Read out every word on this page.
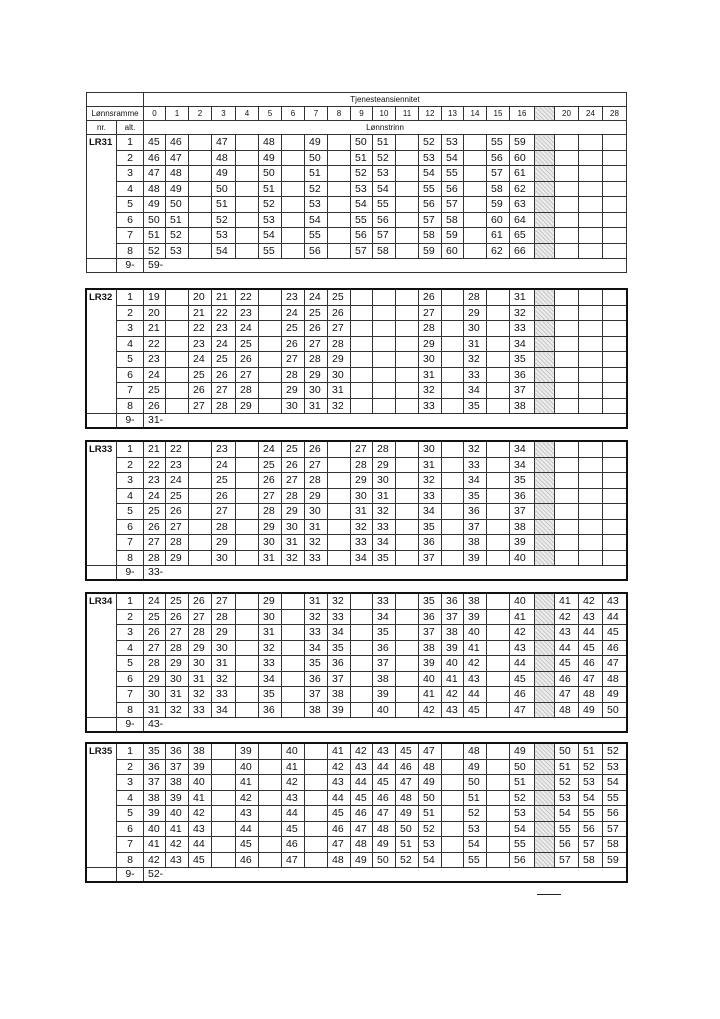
		Tjenesteansiennitet																				
Lønnsramme		0	1	2	3	4	5	6	7	8	9	10	11	12	13	14	15	16		20	24	28
nr.	alt.	Lønnstrinn																				
LR31	1	45	46		47		48		49		50	51		52	53		55	59				
	2	46	47		48		49		50		51	52		53	54		56	60				
	3	47	48		49		50		51		52	53		54	55		57	61				
	4	48	49		50		51		52		53	54		55	56		58	62				
	5	49	50		51		52		53		54	55		56	57		59	63				
	6	50	51		52		53		54		55	56		57	58		60	64				
	7	51	52		53		54		55		56	57		58	59		61	65				
	8	52	53		54		55		56		57	58		59	60		62	66				
	9-	59-																				
LR32	1	19		20	21	22		23	24	25				26		28		31				
	2	20		21	22	23		24	25	26				27		29		32				
	3	21		22	23	24		25	26	27				28		30		33				
	4	22		23	24	25		26	27	28				29		31		34				
	5	23		24	25	26		27	28	29				30		32		35				
	6	24		25	26	27		28	29	30				31		33		36				
	7	25		26	27	28		29	30	31				32		34		37				
	8	26		27	28	29		30	31	32				33		35		38				
	9-	31-																				
LR33	1	21	22		23		24	25	26		27	28		30		32		34				
	2	22	23		24		25	26	27		28	29		31		33		34				
	3	23	24		25		26	27	28		29	30		32		34		35				
	4	24	25		26		27	28	29		30	31		33		35		36				
	5	25	26		27		28	29	30		31	32		34		36		37				
	6	26	27		28		29	30	31		32	33		35		37		38				
	7	27	28		29		30	31	32		33	34		36		38		39				
	8	28	29		30		31	32	33		34	35		37		39		40				
	9-	33-																				
LR34	1	24	25	26	27		29		31	32		33		35	36	38		40		41	42	43
	2	25	26	27	28		30		32	33		34		36	37	39		41		42	43	44
	3	26	27	28	29		31		33	34		35		37	38	40		42		43	44	45
	4	27	28	29	30		32		34	35		36		38	39	41		43		44	45	46
	5	28	29	30	31		33		35	36		37		39	40	42		44		45	46	47
	6	29	30	31	32		34		36	37		38		40	41	43		45		46	47	48
	7	30	31	32	33		35		37	38		39		41	42	44		46		47	48	49
	8	31	32	33	34		36		38	39		40		42	43	45		47		48	49	50
	9-	43-																				
LR35	1	35	36	38		39		40		41	42	43	45	47		48		49		50	51	52
	2	36	37	39		40		41		42	43	44	46	48		49		50		51	52	53
	3	37	38	40		41		42		43	44	45	47	49		50		51		52	53	54
	4	38	39	41		42		43		44	45	46	48	50		51		52		53	54	55
	5	39	40	42		43		44		45	46	47	49	51		52		53		54	55	56
	6	40	41	43		44		45		46	47	48	50	52		53		54		55	56	57
	7	41	42	44		45		46		47	48	49	51	53		54		55		56	57	58
	8	42	43	45		46		47		48	49	50	52	54		55		56		57	58	59
	9-	52-																				
